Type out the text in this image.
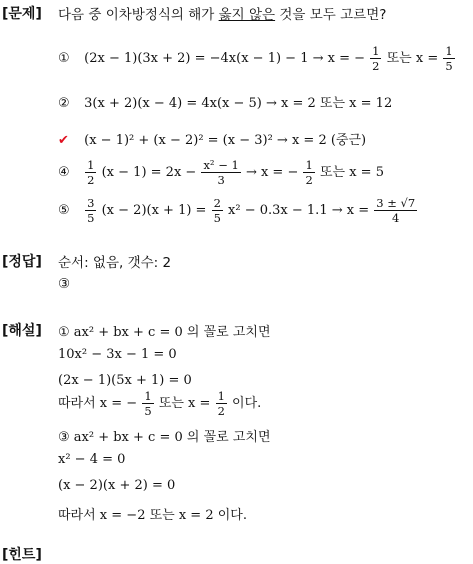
[문제]
[정답]
[해설]
[힌트]
다음 중 이차방정식의 해가 옳지 않은 것을 모두 고르면?
① (2x − 1)(3x + 2) = −4x(x − 1) − 1 → x = − $\frac{1}{2}$ 또는 $x = \frac{1}{5}$
② 3(x + 2)(x − 4) = 4x(x − 5) → x = 2 또는 x = 12
✔ (x − 1)² + (x − 2)² = (x − 3)² → x = 2 (중근)
④ $\frac{1}{2} (x - 1) = 2x - \frac{\text{x² − 1}}{3} \to x$ = − $\frac{1}{2}$ 또는 x = 5
⑤ $\frac{3}{5} (x - 2)(x + 1) = \frac{2}{5} x^2 - 0.3x - 1.1 \to x = \frac{3 \pm √7}{4}$
순서: 없음, 갯수: 2
③
① ax² + bx + c = 0 의 꼴로 고치면
10x² − 3x − 1 = 0
(2x − 1)(5x + 1) = 0
따라서 x = − $\frac{1}{5}$ 또는 $x = \frac{1}{2}$ 이다.
③ ax² + bx + c = 0 의 꼴로 고치면
x² − 4 = 0
(x − 2)(x + 2) = 0
따라서 x = −2 또는 x = 2 이다.
